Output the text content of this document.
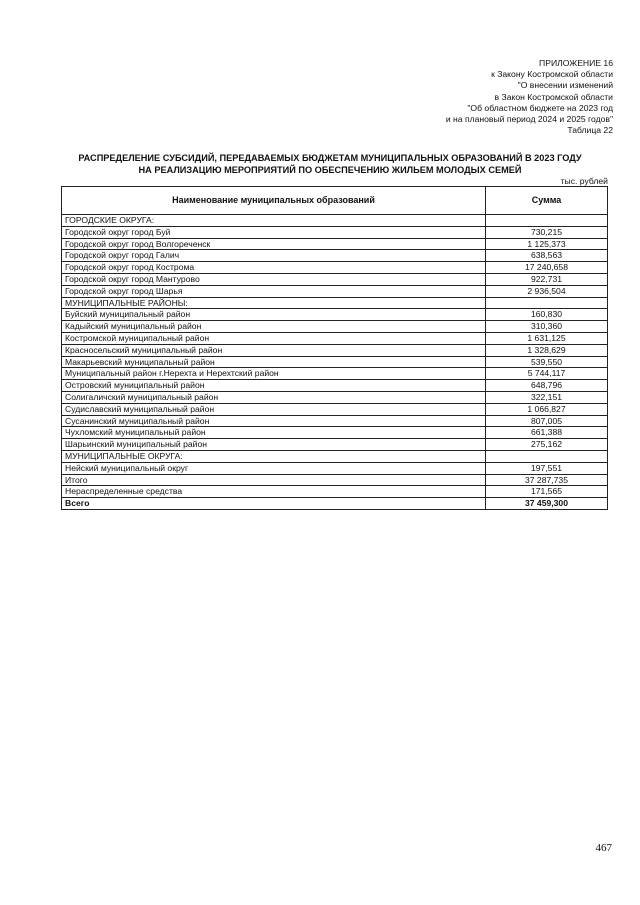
ПРИЛОЖЕНИЕ 16
к Закону Костромской области
"О внесении изменений
в Закон Костромской области
"Об областном бюджете на 2023 год
и на плановый период 2024 и 2025 годов"
Таблица 22
РАСПРЕДЕЛЕНИЕ СУБСИДИЙ, ПЕРЕДАВАЕМЫХ БЮДЖЕТАМ МУНИЦИПАЛЬНЫХ ОБРАЗОВАНИЙ В 2023 ГОДУ
НА РЕАЛИЗАЦИЮ МЕРОПРИЯТИЙ ПО ОБЕСПЕЧЕНИЮ ЖИЛЬЕМ МОЛОДЫХ СЕМЕЙ
тыс. рублей
Наименование муниципальных образований	Сумма
ГОРОДСКИЕ ОКРУГА:	
Городской округ город Буй	730,215
Городской округ город Волгореченск	1 125,373
Городской округ город Галич	638,563
Городской округ город Кострома	17 240,658
Городской округ город Мантурово	922,731
Городской округ город Шарья	2 936,504
МУНИЦИПАЛЬНЫЕ РАЙОНЫ:	
Буйский муниципальный район	160,830
Кадыйский муниципальный район	310,360
Костромской муниципальный район	1 631,125
Красносельский муниципальный район	1 328,629
Макарьевский муниципальный район	539,550
Муниципальный район г.Нерехта и Нерехтский район	5 744,117
Островский муниципальный район	648,796
Солигаличский муниципальный район	322,151
Судиславский муниципальный район	1 066,827
Сусанинский муниципальный район	807,005
Чухломский муниципальный район	661,388
Шарьинский муниципальный район	275,162
МУНИЦИПАЛЬНЫЕ ОКРУГА:	
Нейский муниципальный округ	197,551
Итого	37 287,735
Нераспределенные средства	171,565
Всего	37 459,300
467
